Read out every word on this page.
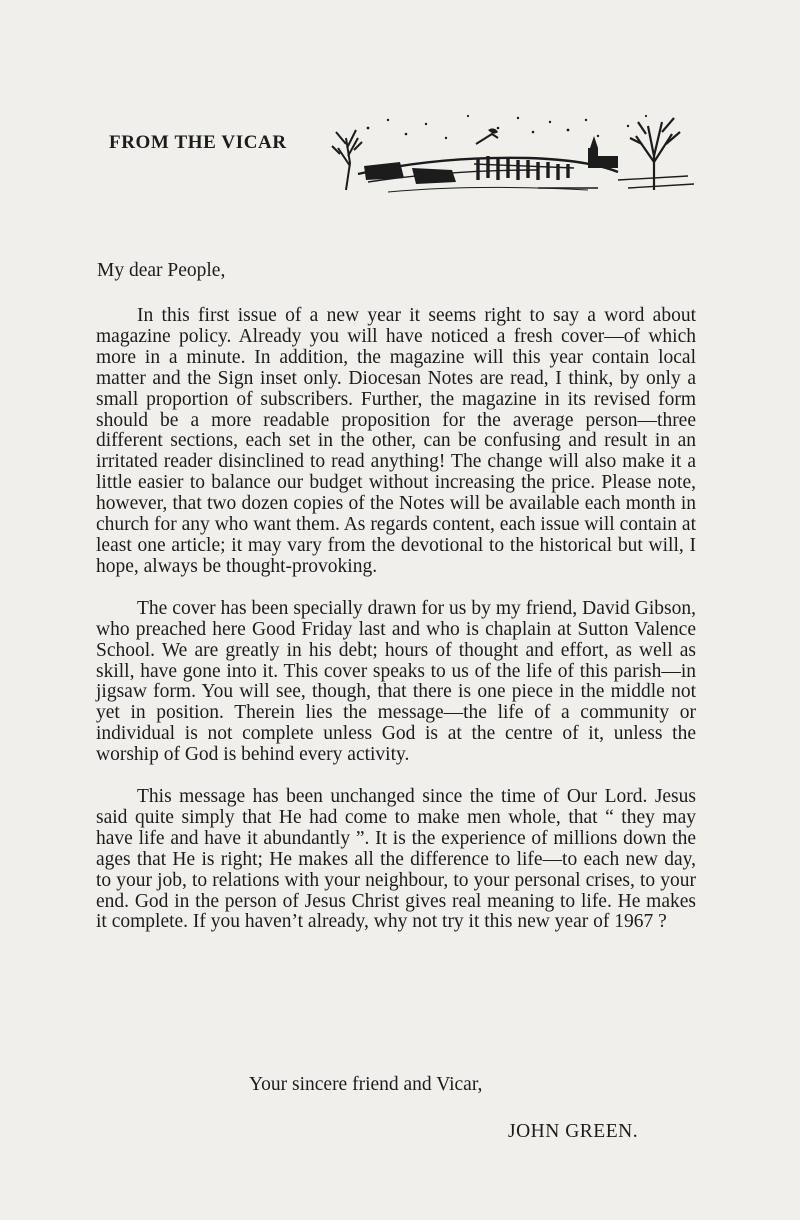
FROM THE VICAR

My dear People,

In this first issue of a new year it seems right to say a word about magazine policy. Already you will have noticed a fresh cover—of which more in a minute. In addition, the magazine will this year contain local matter and the Sign inset only. Diocesan Notes are read, I think, by only a small proportion of subscribers. Further, the magazine in its revised form should be a more readable proposition for the average person—three different sections, each set in the other, can be confusing and result in an irritated reader disinclined to read anything! The change will also make it a little easier to balance our budget without increasing the price. Please note, however, that two dozen copies of the Notes will be available each month in church for any who want them. As regards content, each issue will contain at least one article; it may vary from the devotional to the historical but will, I hope, always be thought-provoking.

The cover has been specially drawn for us by my friend, David Gibson, who preached here Good Friday last and who is chaplain at Sutton Valence School. We are greatly in his debt; hours of thought and effort, as well as skill, have gone into it. This cover speaks to us of the life of this parish—in jigsaw form. You will see, though, that there is one piece in the middle not yet in position. Therein lies the message—the life of a community or individual is not complete unless God is at the centre of it, unless the worship of God is behind every activity.

This message has been unchanged since the time of Our Lord. Jesus said quite simply that He had come to make men whole, that “ they may have life and have it abundantly ”. It is the experience of millions down the ages that He is right; He makes all the difference to life—to each new day, to your job, to relations with your neighbour, to your personal crises, to your end. God in the person of Jesus Christ gives real meaning to life. He makes it complete. If you haven’t already, why not try it this new year of 1967 ?

Your sincere friend and Vicar,

JOHN GREEN.
